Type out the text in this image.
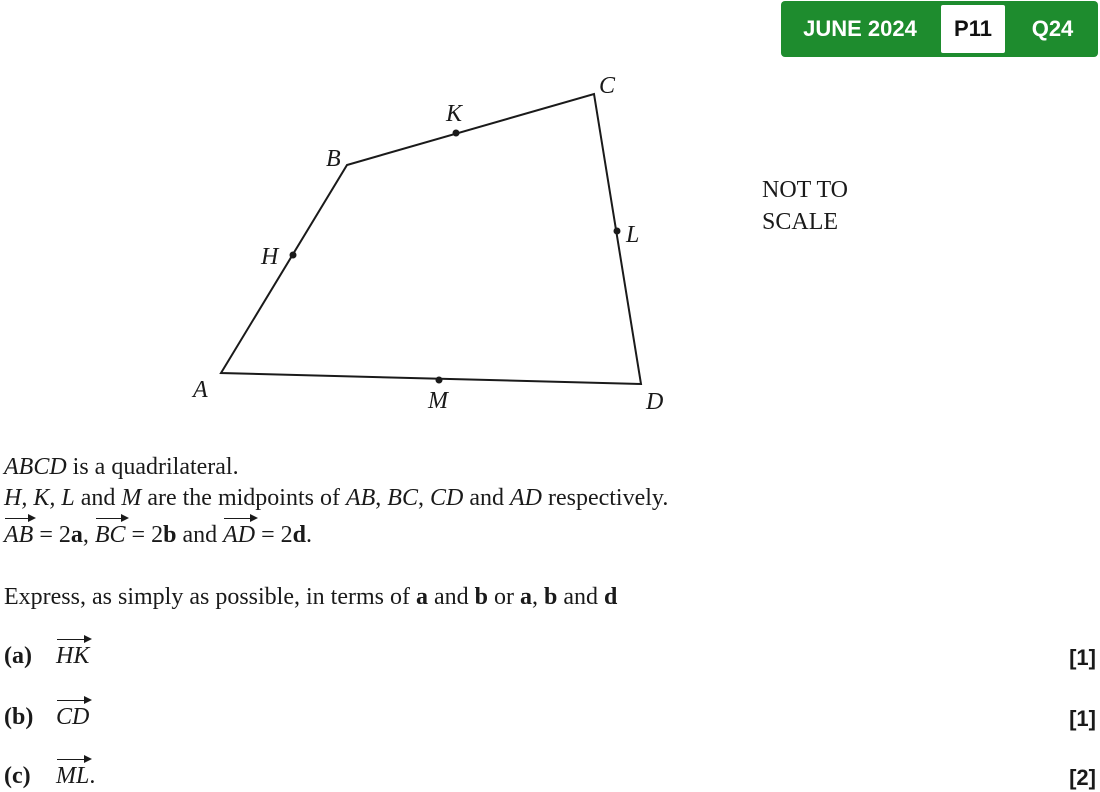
JUNE 2024	P11	Q24
A
B
C
D
H
K
L
M
NOT TO
SCALE
ABCD is a quadrilateral.
H, K, L and M are the midpoints of AB, BC, CD and AD respectively.
AB = 2a, BC = 2b and AD = 2d.
Express, as simply as possible, in terms of a and b or a, b and d
(a) HK	[1]
(b) CD	[1]
(c) ML.	[2]
